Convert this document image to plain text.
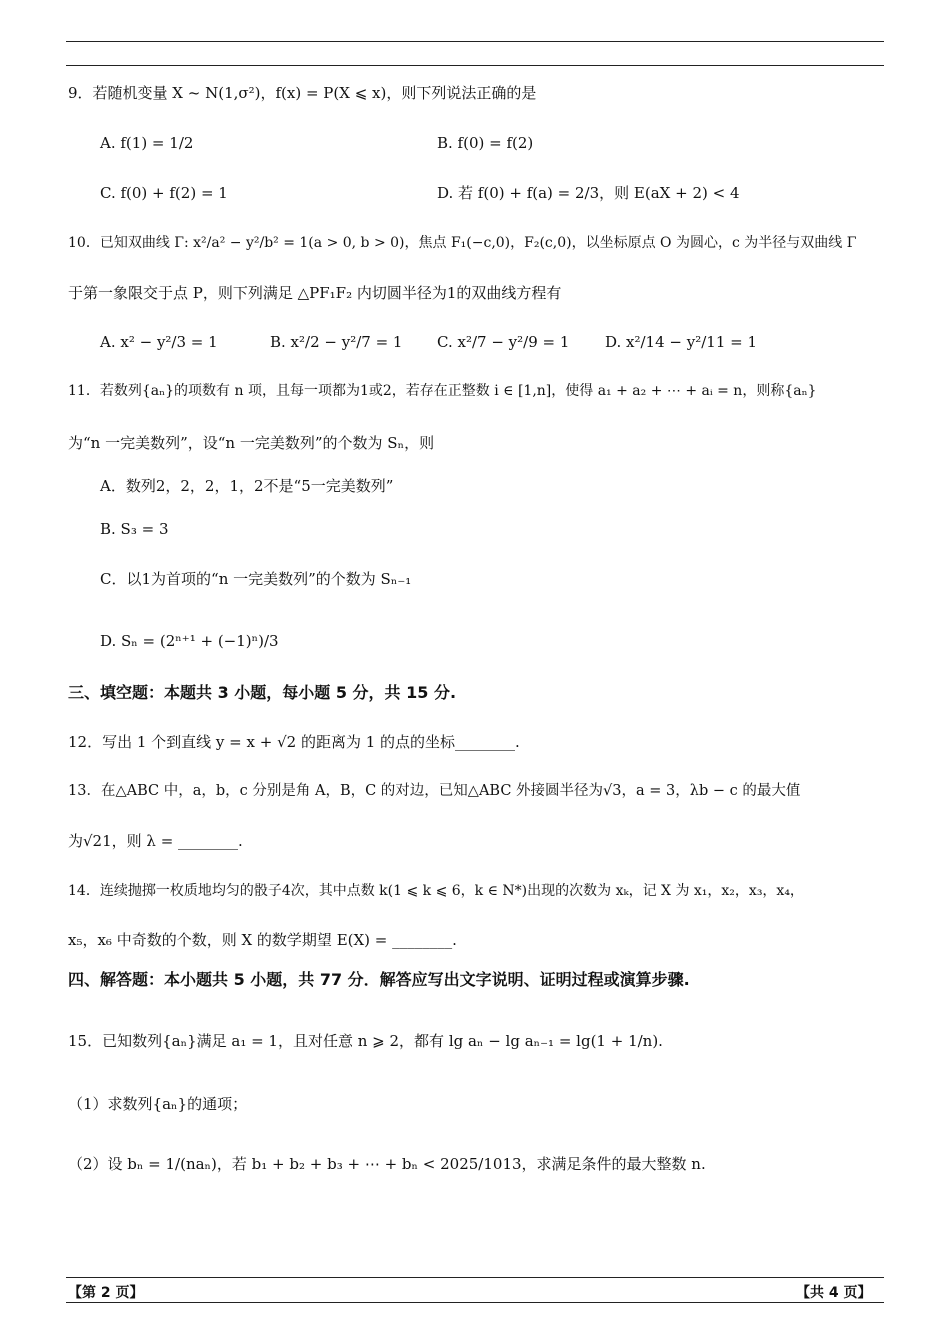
9．若随机变量 X ~ N(1,σ²)，f(x) = P(X ⩽ x)，则下列说法正确的是
A. f(1) = 1/2	B. f(0) = f(2)
C. f(0) + f(2) = 1	D. 若 f(0) + f(a) = 2/3，则 E(aX + 2) < 4
10．已知双曲线 Γ: x²/a² − y²/b² = 1(a > 0, b > 0)，焦点 F₁(−c,0)，F₂(c,0)，以坐标原点 O 为圆心，c 为半径与双曲线 Γ
于第一象限交于点 P，则下列满足 △PF₁F₂ 内切圆半径为1的双曲线方程有
A. x² − y²/3 = 1	B. x²/2 − y²/7 = 1 C. x²/7 − y²/9 = 1 D. x²/14 − y²/11 = 1
11．若数列{aₙ}的项数有 n 项，且每一项都为1或2，若存在正整数 i ∈ [1,n]，使得 a₁ + a₂ + ⋯ + aᵢ = n，则称{aₙ}
为“n 一完美数列”，设“n 一完美数列”的个数为 Sₙ，则
A．数列2，2，2，1，2不是“5一完美数列”
B. S₃ = 3
C．以1为首项的“n 一完美数列”的个数为 Sₙ₋₁
D. Sₙ = (2ⁿ⁺¹ + (−1)ⁿ)/3
三、填空题：本题共 3 小题，每小题 5 分，共 15 分.
12．写出 1 个到直线 y = x + √2 的距离为 1 的点的坐标________.
13．在△ABC 中，a，b，c 分别是角 A，B，C 的对边，已知△ABC 外接圆半径为√3，a = 3，λb − c 的最大值
为√21，则 λ = ________.
14．连续抛掷一枚质地均匀的骰子4次，其中点数 k(1 ⩽ k ⩽ 6，k ∈ N*)出现的次数为 xₖ，记 X 为 x₁，x₂，x₃，x₄，
x₅，x₆ 中奇数的个数，则 X 的数学期望 E(X) = ________.
四、解答题：本小题共 5 小题，共 77 分．解答应写出文字说明、证明过程或演算步骤.
15．已知数列{aₙ}满足 a₁ = 1，且对任意 n ⩾ 2，都有 lg aₙ − lg aₙ₋₁ = lg(1 + 1/n).
（1）求数列{aₙ}的通项；
（2）设 bₙ = 1/(naₙ)，若 b₁ + b₂ + b₃ + ⋯ + bₙ < 2025/1013，求满足条件的最大整数 n.
【第 2 页】	【共 4 页】
